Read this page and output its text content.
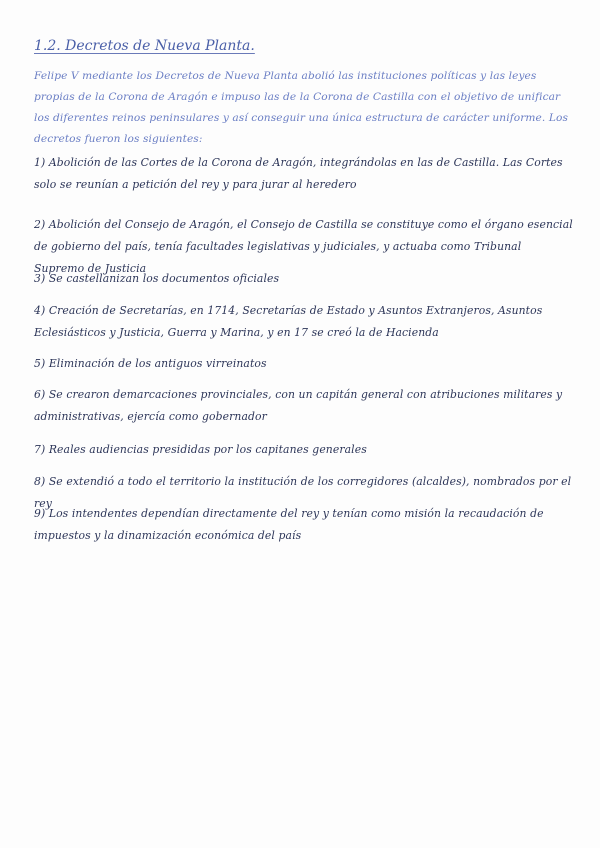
1.2. Decretos de Nueva Planta.
Felipe V mediante los Decretos de Nueva Planta abolió las instituciones políticas y las leyes propias de la Corona de Aragón e impuso las de la Corona de Castilla con el objetivo de unificar los diferentes reinos peninsulares y así conseguir una única estructura de carácter uniforme. Los decretos fueron los siguientes:
1) Abolición de las Cortes de la Corona de Aragón, integrándolas en las de Castilla. Las Cortes solo se reunían a petición del rey y para jurar al heredero
2) Abolición del Consejo de Aragón, el Consejo de Castilla se constituye como el órgano esencial de gobierno del país, tenía facultades legislativas y judiciales, y actuaba como Tribunal Supremo de Justicia
3) Se castellanizan los documentos oficiales
4) Creación de Secretarías, en 1714, Secretarías de Estado y Asuntos Extranjeros, Asuntos Eclesiásticos y Justicia, Guerra y Marina, y en 17 se creó la de Hacienda
5) Eliminación de los antiguos virreinatos
6) Se crearon demarcaciones provinciales, con un capitán general con atribuciones militares y administrativas, ejercía como gobernador
7) Reales audiencias presididas por los capitanes generales
8) Se extendió a todo el territorio la institución de los corregidores (alcaldes), nombrados por el rey
9) Los intendentes dependían directamente del rey y tenían como misión la recaudación de impuestos y la dinamización económica del país
